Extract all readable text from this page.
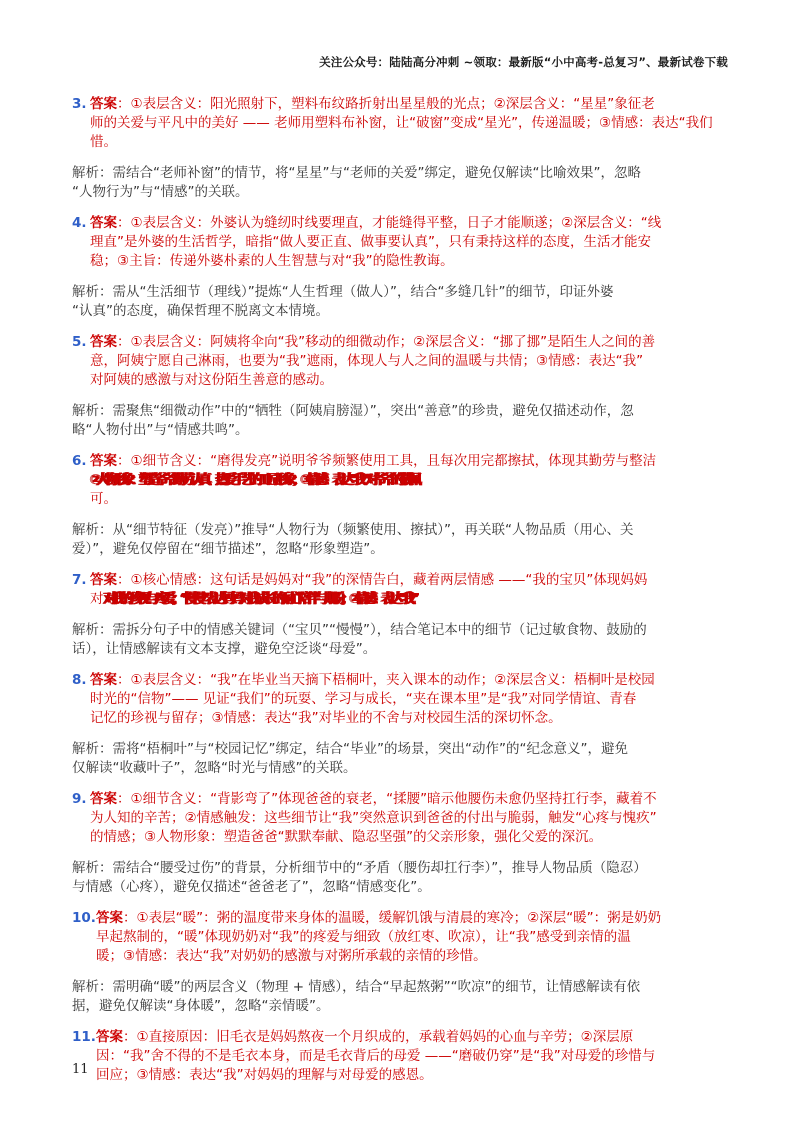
关注公众号：陆陆高分冲刺 ~领取：最新版“小中高考-总复习”、最新试卷下载
3. 答案：①表层含义：阳光照射下，塑料布纹路折射出星星般的光点；②深层含义：“星星”象征老
师的关爱与平凡中的美好 —— 老师用塑料布补窗，让“破窗”变成“星光”，传递温暖；③情感：表达“我们
惜。
解析：需结合“老师补窗”的情节，将“星星”与“老师的关爱”绑定，避免仅解读“比喻效果”，忽略
“人物行为”与“情感”的关联。
4. 答案：①表层含义：外婆认为缝纫时线要理直，才能缝得平整，日子才能顺遂；②深层含义：“线
理直”是外婆的生活哲学，暗指“做人要正直、做事要认真”，只有秉持这样的态度，生活才能安
稳；③主旨：传递外婆朴素的人生智慧与对“我”的隐性教诲。
解析：需从“生活细节（理线）”提炼“人生哲理（做人）”，结合“多缝几针”的细节，印证外婆
“认真”的态度，确保哲理不脱离文本情境。
5. 答案：①表层含义：阿姨将伞向“我”移动的细微动作；②深层含义：“挪了挪”是陌生人之间的善
意，阿姨宁愿自己淋雨，也要为“我”遮雨，体现人与人之间的温暖与共情；③情感：表达“我”
对阿姨的感激与对这份陌生善意的感动。
解析：需聚焦“细微动作”中的“牺牲（阿姨肩膀湿）”，突出“善意”的珍贵，避免仅描述动作，忽
略“人物付出”与“情感共鸣”。
6. 答案：①细节含义：“磨得发亮”说明爷爷频繁使用工具，且每次用完都擦拭，体现其勤劳与整洁
②人物形象：塑造爷爷勤劳认真、热爱手艺的工匠形象；③情感：表达“我”对爷爷的敬佩
可。
解析：从“细节特征（发亮）”推导“人物行为（频繁使用、擦拭）”，再关联“人物品质（用心、关
爱）”，避免仅停留在“细节描述”，忽略“形象塑造”。
7. 答案：①核心情感：这句话是妈妈对“我”的深情告白，藏着两层情感 ——“我的宝贝”体现妈妈
对对我的珍视与疼爱；“慢慢”表达妈妈对我成长的耐心陪伴与期盼；②情感：表达“我”
解析：需拆分句子中的情感关键词（“宝贝”“慢慢”），结合笔记本中的细节（记过敏食物、鼓励的
话），让情感解读有文本支撑，避免空泛谈“母爱”。
8. 答案：①表层含义：“我”在毕业当天摘下梧桐叶，夹入课本的动作；②深层含义：梧桐叶是校园
时光的“信物”—— 见证“我们”的玩耍、学习与成长，“夹在课本里”是“我”对同学情谊、青春
记忆的珍视与留存；③情感：表达“我”对毕业的不舍与对校园生活的深切怀念。
解析：需将“梧桐叶”与“校园记忆”绑定，结合“毕业”的场景，突出“动作”的“纪念意义”，避免
仅解读“收藏叶子”，忽略“时光与情感”的关联。
9. 答案：①细节含义：“背影弯了”体现爸爸的衰老，“揉腰”暗示他腰伤未愈仍坚持扛行李，藏着不
为人知的辛苦；②情感触发：这些细节让“我”突然意识到爸爸的付出与脆弱，触发“心疼与愧疚”
的情感；③人物形象：塑造爸爸“默默奉献、隐忍坚强”的父亲形象，强化父爱的深沉。
解析：需结合“腰受过伤”的背景，分析细节中的“矛盾（腰伤却扛行李）”，推导人物品质（隐忍）
与情感（心疼），避免仅描述“爸爸老了”，忽略“情感变化”。
10. 答案：①表层“暖”：粥的温度带来身体的温暖，缓解饥饿与清晨的寒冷；②深层“暖”：粥是奶奶
早起熬制的，“暖”体现奶奶对“我”的疼爱与细致（放红枣、吹凉），让“我”感受到亲情的温
暖；③情感：表达“我”对奶奶的感激与对粥所承载的亲情的珍惜。
解析：需明确“暖”的两层含义（物理 + 情感），结合“早起熬粥”“吹凉”的细节，让情感解读有依
据，避免仅解读“身体暖”，忽略“亲情暖”。
11. 答案：①直接原因：旧毛衣是妈妈熬夜一个月织成的，承载着妈妈的心血与辛劳；②深层原
因：“我”舍不得的不是毛衣本身，而是毛衣背后的母爱 ——“磨破仍穿”是“我”对母爱的珍惜与
回应；③情感：表达“我”对妈妈的理解与对母爱的感恩。
11
